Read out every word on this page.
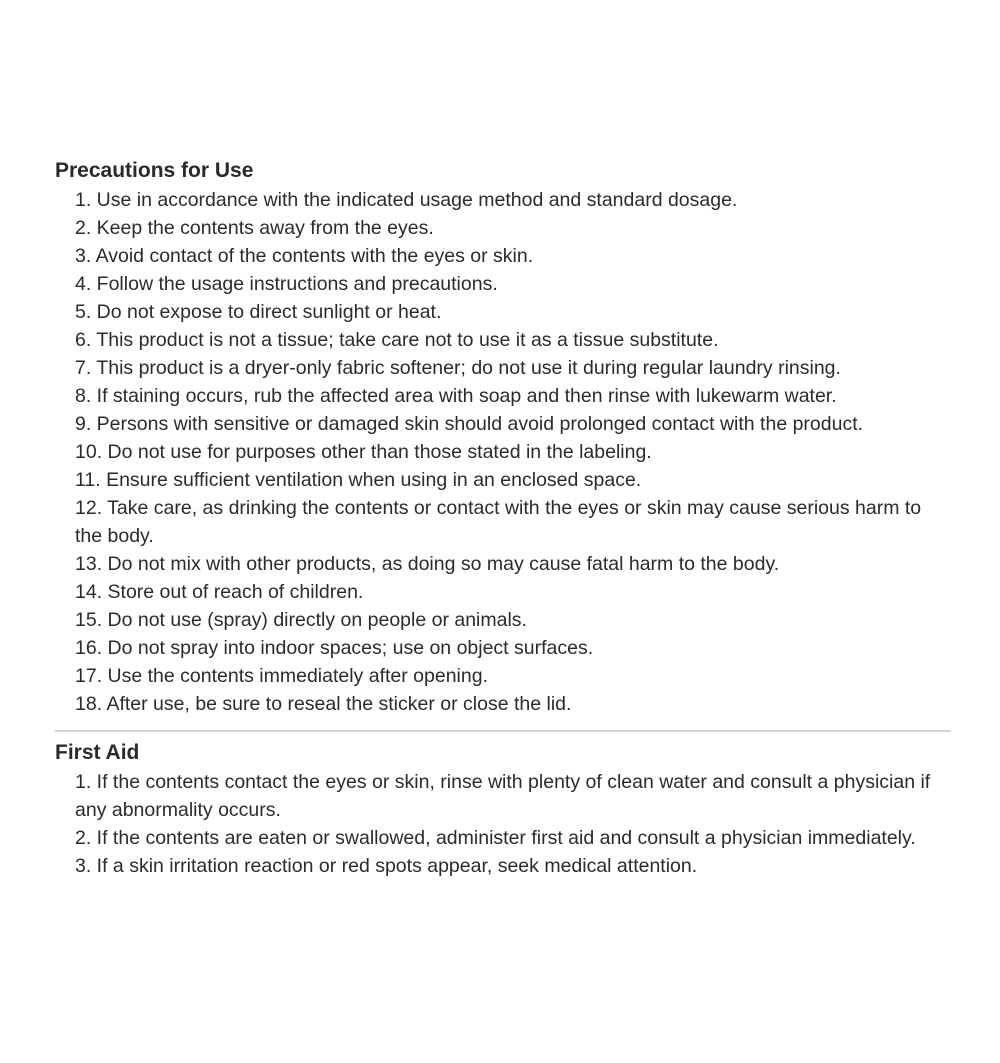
Precautions for Use
1. Use in accordance with the indicated usage method and standard dosage.
2. Keep the contents away from the eyes.
3. Avoid contact of the contents with the eyes or skin.
4. Follow the usage instructions and precautions.
5. Do not expose to direct sunlight or heat.
6. This product is not a tissue; take care not to use it as a tissue substitute.
7. This product is a dryer-only fabric softener; do not use it during regular laundry rinsing.
8. If staining occurs, rub the affected area with soap and then rinse with lukewarm water.
9. Persons with sensitive or damaged skin should avoid prolonged contact with the product.
10. Do not use for purposes other than those stated in the labeling.
11. Ensure sufficient ventilation when using in an enclosed space.
12. Take care, as drinking the contents or contact with the eyes or skin may cause serious harm to the body.
13. Do not mix with other products, as doing so may cause fatal harm to the body.
14. Store out of reach of children.
15. Do not use (spray) directly on people or animals.
16. Do not spray into indoor spaces; use on object surfaces.
17. Use the contents immediately after opening.
18. After use, be sure to reseal the sticker or close the lid.
First Aid
1. If the contents contact the eyes or skin, rinse with plenty of clean water and consult a physician if any abnormality occurs.
2. If the contents are eaten or swallowed, administer first aid and consult a physician immediately.
3. If a skin irritation reaction or red spots appear, seek medical attention.
